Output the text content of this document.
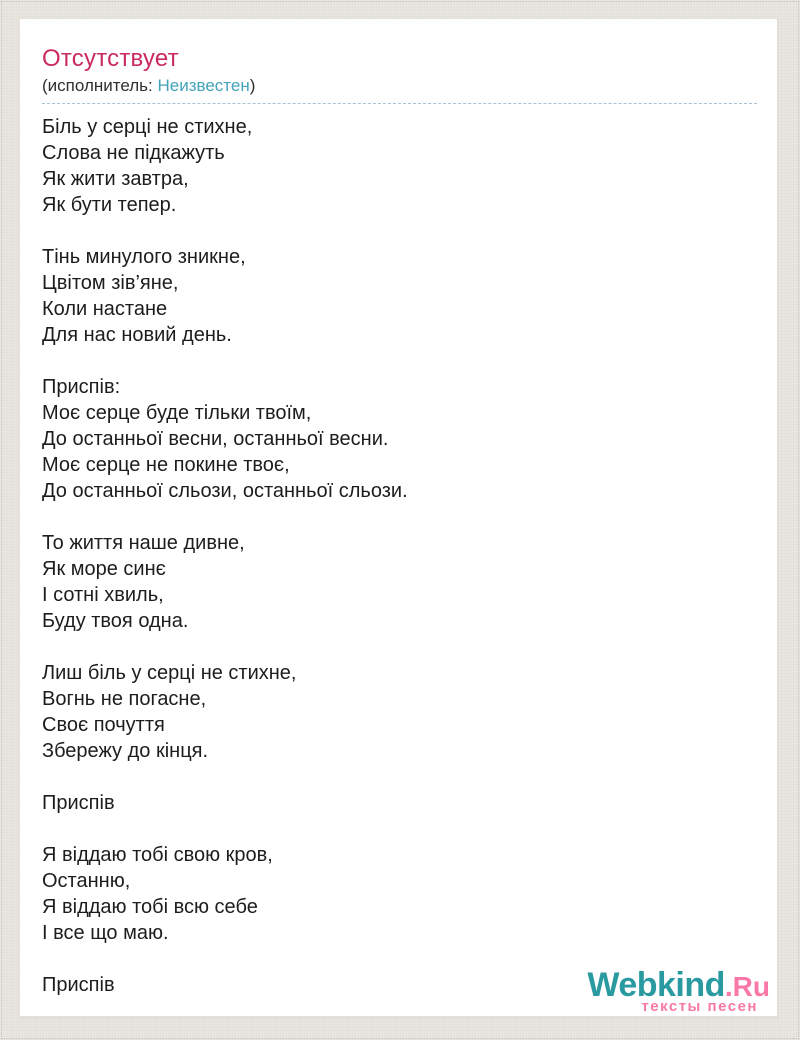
Отсутствует
(исполнитель: Неизвестен)

Біль у серці не стихне,
Слова не підкажуть
Як жити завтра,
Як бути тепер.

Тінь минулого зникне,
Цвітом зів’яне,
Коли настане
Для нас новий день.

Приспів:
Моє серце буде тільки твоїм,
До останньої весни, останньої весни.
Моє серце не покине твоє,
До останньої сльози, останньої сльози.

То життя наше дивне,
Як море синє
І сотні хвиль,
Буду твоя одна.

Лиш біль у серці не стихне,
Вогнь не погасне,
Своє почуття
Збережу до кінця.

Приспів

Я віддаю тобі свою кров,
Останню,
Я віддаю тобі всю себе
І все що маю.

Приспів	Webkind.Ru
тексты песен
